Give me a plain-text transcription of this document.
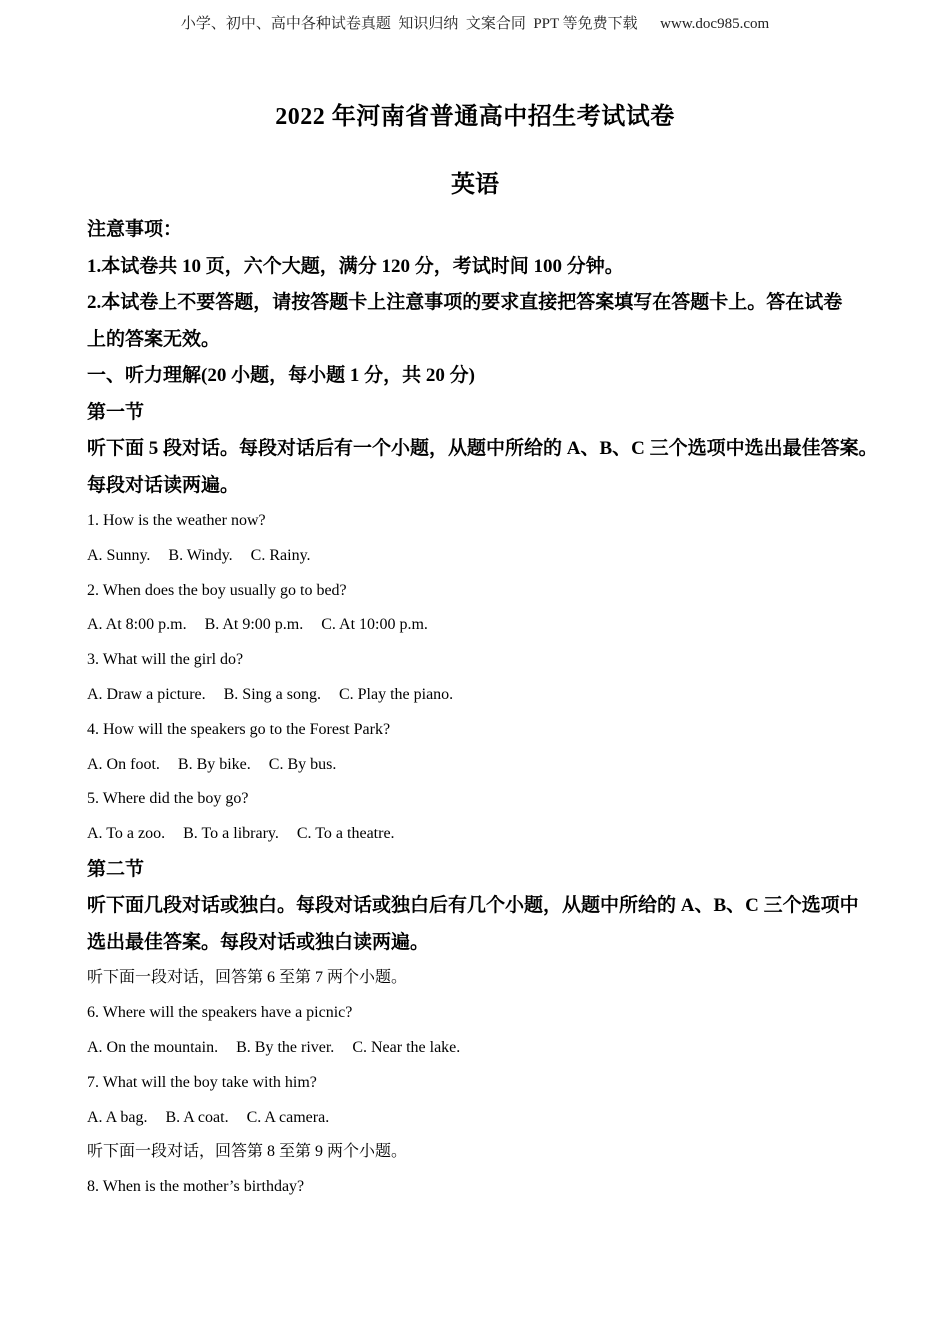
小学、初中、高中各种试卷真题  知识归纳  文案合同  PPT 等免费下载      www.doc985.com
2022 年河南省普通高中招生考试试卷
英语
注意事项：
1.本试卷共 10 页，六个大题，满分 120 分，考试时间 100 分钟。
2.本试卷上不要答题，请按答题卡上注意事项的要求直接把答案填写在答题卡上。答在试卷
上的答案无效。
一、听力理解(20 小题，每小题 1 分，共 20 分)
第一节
听下面 5 段对话。每段对话后有一个小题，从题中所给的 A、B、C 三个选项中选出最佳答案。
每段对话读两遍。
1. How is the weather now?
A. Sunny. B. Windy. C. Rainy.
2. When does the boy usually go to bed?
A. At 8:00 p.m. B. At 9:00 p.m. C. At 10:00 p.m.
3. What will the girl do?
A. Draw a picture. B. Sing a song. C. Play the piano.
4. How will the speakers go to the Forest Park?
A. On foot. B. By bike. C. By bus.
5. Where did the boy go?
A. To a zoo. B. To a library. C. To a theatre.
第二节
听下面几段对话或独白。每段对话或独白后有几个小题，从题中所给的 A、B、C 三个选项中
选出最佳答案。每段对话或独白读两遍。
听下面一段对话，回答第 6 至第 7 两个小题。
6. Where will the speakers have a picnic?
A. On the mountain. B. By the river. C. Near the lake.
7. What will the boy take with him?
A. A bag. B. A coat. C. A camera.
听下面一段对话，回答第 8 至第 9 两个小题。
8. When is the mother’s birthday?
